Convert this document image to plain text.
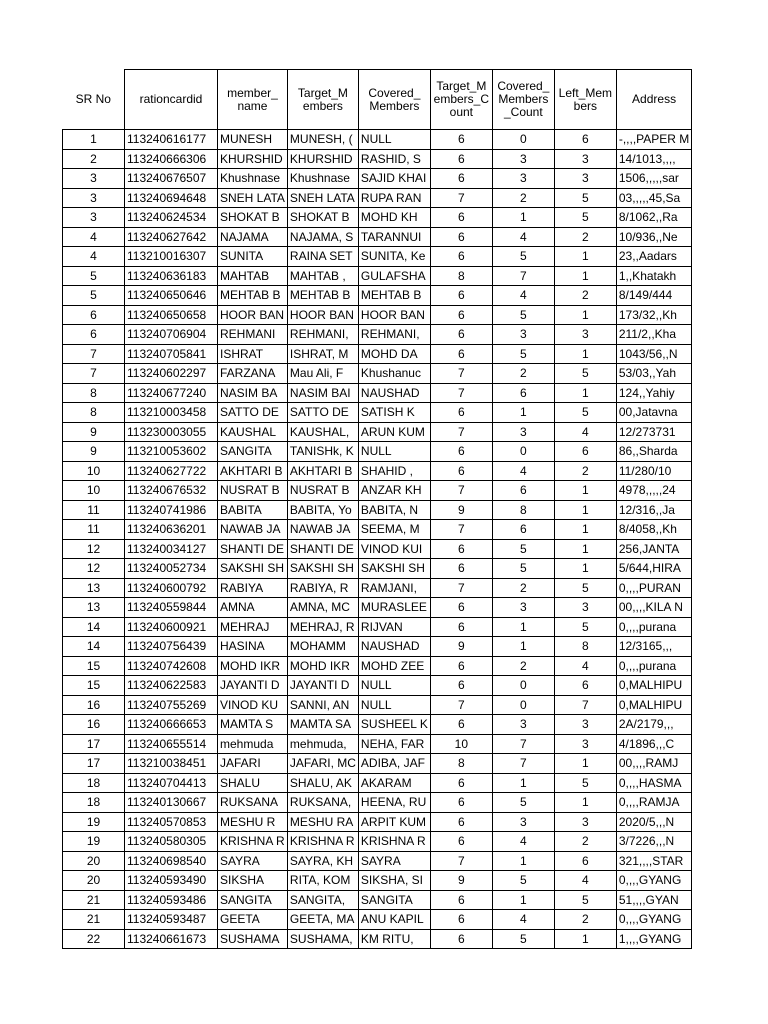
SR No	rationcardid	member_ name	Target_M embers	Covered_ Members	Target_M embers_C ount	Covered_ Members _Count	Left_Mem bers	Address
1	113240616177	MUNESH	MUNESH, (	NULL	6	0	6	-,,,,PAPER M
2	113240666306	KHURSHID	KHURSHID	RASHID, S	6	3	3	14/1013,,,,
3	113240676507	Khushnase	Khushnase	SAJID KHAI	6	3	3	1506,,,,,sar
3	113240694648	SNEH LATA	SNEH LATA	RUPA RAN	7	2	5	03,,,,,45,Sa
3	113240624534	SHOKAT B	SHOKAT B	MOHD KH	6	1	5	8/1062,,Ra
4	113240627642	NAJAMA	NAJAMA, S	TARANNUI	6	4	2	10/936,,Ne
4	113210016307	SUNITA	RAINA SET	SUNITA, Ke	6	5	1	23,,Aadars
5	113240636183	MAHTAB	MAHTAB ,	GULAFSHA	8	7	1	1,,Khatakh
5	113240650646	MEHTAB B	MEHTAB B	MEHTAB B	6	4	2	8/149/444
6	113240650658	HOOR BAN	HOOR BAN	HOOR BAN	6	5	1	173/32,,Kh
6	113240706904	REHMANI	REHMANI,	REHMANI,	6	3	3	211/2,,Kha
7	113240705841	ISHRAT	ISHRAT, M	MOHD DA	6	5	1	1043/56,,N
7	113240602297	FARZANA	Mau Ali, F	Khushanuc	7	2	5	53/03,,Yah
8	113240677240	NASIM BA	NASIM BAI	NAUSHAD	7	6	1	124,,Yahiy
8	113210003458	SATTO DE	SATTO DE	SATISH K	6	1	5	00,Jatavna
9	113230003055	KAUSHAL	KAUSHAL,	ARUN KUM	7	3	4	12/273731
9	113210053602	SANGITA	TANISHk, K	NULL	6	0	6	86,,Sharda
10	113240627722	AKHTARI B	AKHTARI B	SHAHID ,	6	4	2	11/280/10
10	113240676532	NUSRAT B	NUSRAT B	ANZAR KH	7	6	1	4978,,,,,24
11	113240741986	BABITA	BABITA, Yo	BABITA, N	9	8	1	12/316,,Ja
11	113240636201	NAWAB JA	NAWAB JA	SEEMA, M	7	6	1	8/4058,,Kh
12	113240034127	SHANTI DE	SHANTI DE	VINOD KUI	6	5	1	256,JANTA
12	113240052734	SAKSHI SH	SAKSHI SH	SAKSHI SH	6	5	1	5/644,HIRA
13	113240600792	RABIYA	RABIYA, R	RAMJANI,	7	2	5	0,,,,PURAN
13	113240559844	AMNA	AMNA, MC	MURASLEE	6	3	3	00,,,,KILA N
14	113240600921	MEHRAJ	MEHRAJ, R	RIJVAN	6	1	5	0,,,,purana
14	113240756439	HASINA	MOHAMM	NAUSHAD	9	1	8	12/3165,,,
15	113240742608	MOHD IKR	MOHD IKR	MOHD ZEE	6	2	4	0,,,,purana
15	113240622583	JAYANTI D	JAYANTI D	NULL	6	0	6	0,MALHIPU
16	113240755269	VINOD KU	SANNI, AN	NULL	7	0	7	0,MALHIPU
16	113240666653	MAMTA S	MAMTA SA	SUSHEEL K	6	3	3	2A/2179,,,
17	113240655514	mehmuda	mehmuda,	NEHA, FAR	10	7	3	4/1896,,,C
17	113210038451	JAFARI	JAFARI, MC	ADIBA, JAF	8	7	1	00,,,,RAMJ
18	113240704413	SHALU	SHALU, AK	AKARAM	6	1	5	0,,,,HASMA
18	113240130667	RUKSANA	RUKSANA,	HEENA, RU	6	5	1	0,,,,RAMJA
19	113240570853	MESHU R	MESHU RA	ARPIT KUM	6	3	3	2020/5,,,N
19	113240580305	KRISHNA R	KRISHNA R	KRISHNA R	6	4	2	3/7226,,,N
20	113240698540	SAYRA	SAYRA, KH	SAYRA	7	1	6	321,,,,STAR
20	113240593490	SIKSHA	RITA, KOM	SIKSHA, SI	9	5	4	0,,,,GYANG
21	113240593486	SANGITA	SANGITA,	SANGITA	6	1	5	51,,,,GYAN
21	113240593487	GEETA	GEETA, MA	ANU KAPIL	6	4	2	0,,,,GYANG
22	113240661673	SUSHAMA	SUSHAMA,	KM RITU,	6	5	1	1,,,,GYANG
